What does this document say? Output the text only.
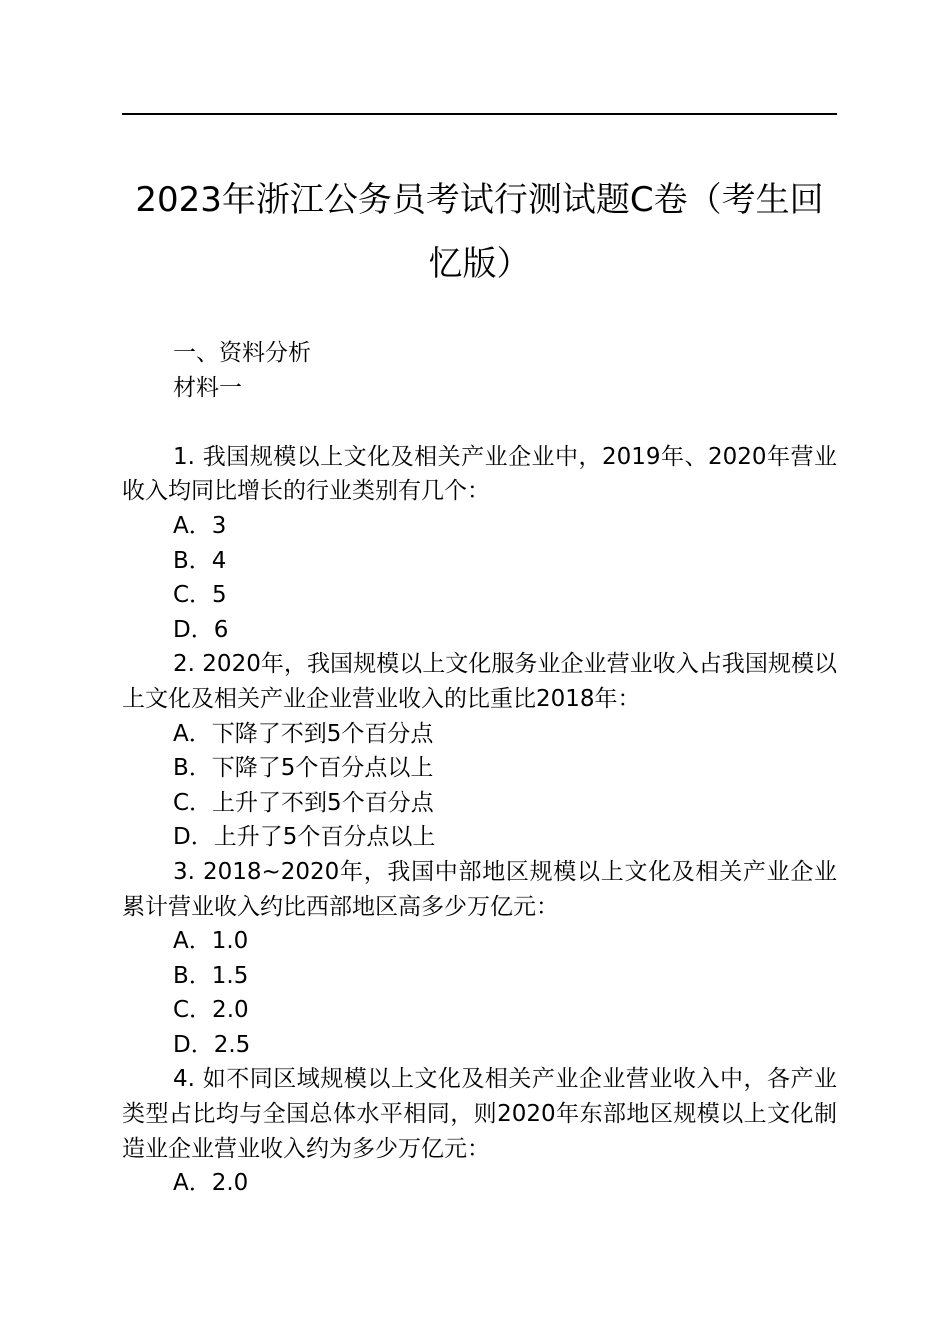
2023年浙江公务员考试行测试题C卷（考生回忆版）

一、资料分析

材料一

1. 我国规模以上文化及相关产业企业中，2019年、2020年营业收入均同比增长的行业类别有几个：

A．3

B．4

C．5

D．6

2. 2020年，我国规模以上文化服务业企业营业收入占我国规模以上文化及相关产业企业营业收入的比重比2018年：

A．下降了不到5个百分点

B．下降了5个百分点以上

C．上升了不到5个百分点

D．上升了5个百分点以上

3. 2018~2020年，我国中部地区规模以上文化及相关产业企业累计营业收入约比西部地区高多少万亿元：

A．1.0

B．1.5

C．2.0

D．2.5

4. 如不同区域规模以上文化及相关产业企业营业收入中，各产业类型占比均与全国总体水平相同，则2020年东部地区规模以上文化制造业企业营业收入约为多少万亿元：

A．2.0
